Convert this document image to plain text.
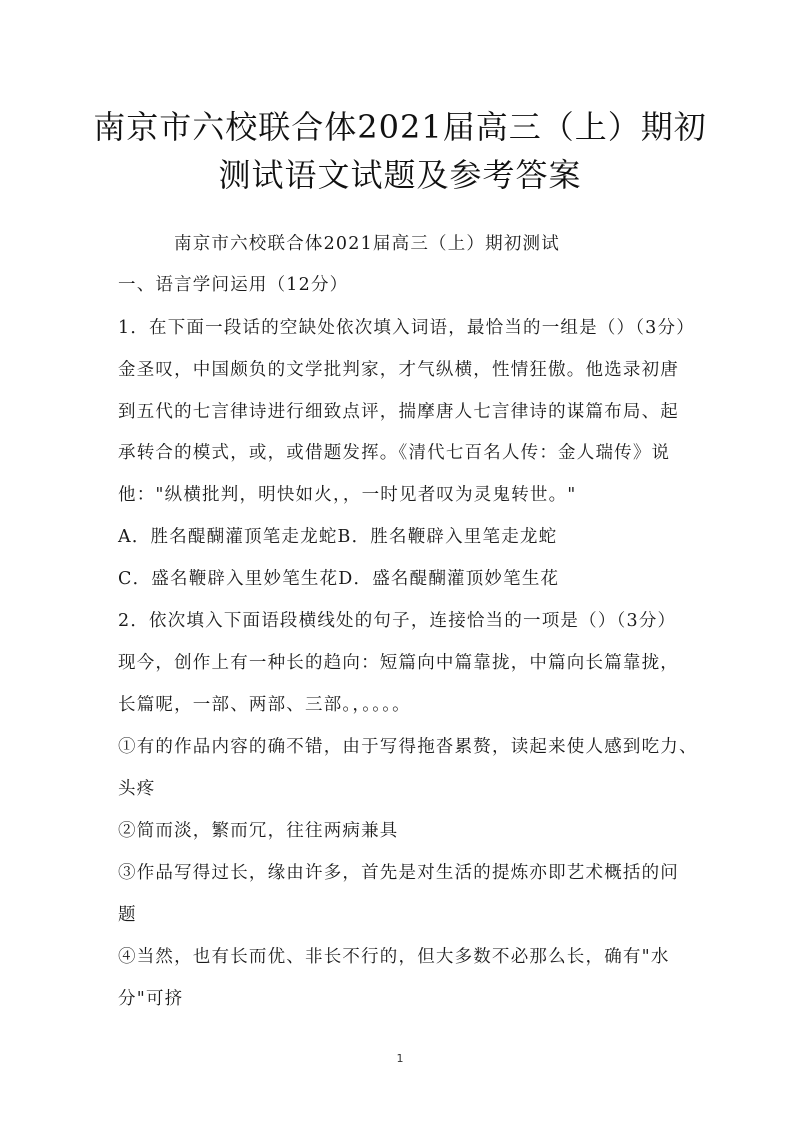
南京市六校联合体2021届高三（上）期初
测试语文试题及参考答案
南京市六校联合体2021届高三（上）期初测试
一、语言学问运用（12分）
1．在下面一段话的空缺处依次填入词语，最恰当的一组是（）（3分）
金圣叹，中国颇负的文学批判家，才气纵横，性情狂傲。他选录初唐
到五代的七言律诗进行细致点评，揣摩唐人七言律诗的谋篇布局、起
承转合的模式，或，或借题发挥。《清代七百名人传：金人瑞传》说
他："纵横批判，明快如火，，一时见者叹为灵鬼转世。"
A．胜名醍醐灌顶笔走龙蛇B．胜名鞭辟入里笔走龙蛇
C．盛名鞭辟入里妙笔生花D．盛名醍醐灌顶妙笔生花
2．依次填入下面语段横线处的句子，连接恰当的一项是（）（3分）
现今，创作上有一种长的趋向：短篇向中篇靠拢，中篇向长篇靠拢，
长篇呢，一部、两部、三部。，。。。。
①有的作品内容的确不错，由于写得拖沓累赘，读起来使人感到吃力、
头疼
②简而淡，繁而冗，往往两病兼具
③作品写得过长，缘由许多，首先是对生活的提炼亦即艺术概括的问
题
④当然，也有长而优、非长不行的，但大多数不必那么长，确有"水
分"可挤
1
